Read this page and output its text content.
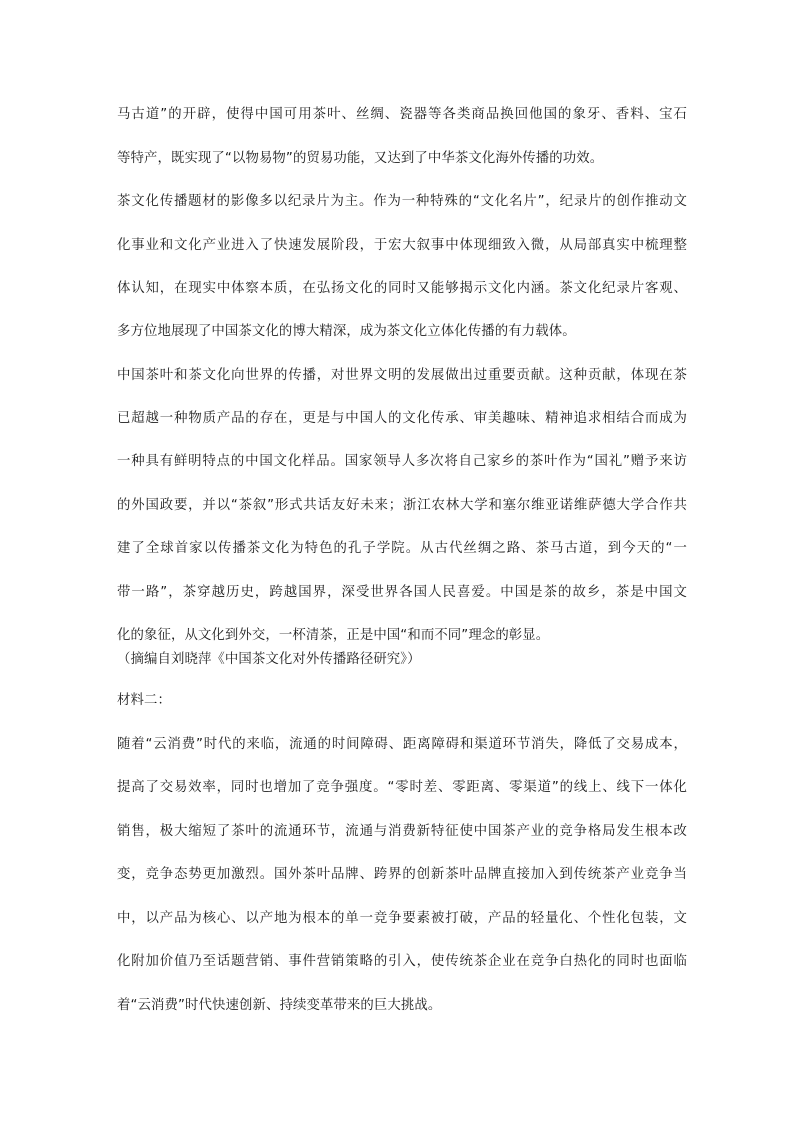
马古道”的开辟，使得中国可用茶叶、丝绸、瓷器等各类商品换回他国的象牙、香料、宝石
等特产，既实现了“以物易物”的贸易功能，又达到了中华茶文化海外传播的功效。
茶文化传播题材的影像多以纪录片为主。作为一种特殊的“文化名片”，纪录片的创作推动文
化事业和文化产业进入了快速发展阶段，于宏大叙事中体现细致入微，从局部真实中梳理整
体认知，在现实中体察本质，在弘扬文化的同时又能够揭示文化内涵。茶文化纪录片客观、
多方位地展现了中国茶文化的博大精深，成为茶文化立体化传播的有力载体。
中国茶叶和茶文化向世界的传播，对世界文明的发展做出过重要贡献。这种贡献，体现在茶
已超越一种物质产品的存在，更是与中国人的文化传承、审美趣味、精神追求相结合而成为
一种具有鲜明特点的中国文化样品。国家领导人多次将自己家乡的茶叶作为“国礼”赠予来访
的外国政要，并以“茶叙”形式共话友好未来；浙江农林大学和塞尔维亚诺维萨德大学合作共
建了全球首家以传播茶文化为特色的孔子学院。从古代丝绸之路、茶马古道，到今天的“一
带一路”，茶穿越历史，跨越国界，深受世界各国人民喜爱。中国是茶的故乡，茶是中国文
化的象征，从文化到外交，一杯清茶，正是中国“和而不同”理念的彰显。
（摘编自刘晓萍《中国茶文化对外传播路径研究》）
材料二：
随着“云消费”时代的来临，流通的时间障碍、距离障碍和渠道环节消失，降低了交易成本，
提高了交易效率，同时也增加了竞争强度。“零时差、零距离、零渠道”的线上、线下一体化
销售，极大缩短了茶叶的流通环节，流通与消费新特征使中国茶产业的竞争格局发生根本改
变，竞争态势更加激烈。国外茶叶品牌、跨界的创新茶叶品牌直接加入到传统茶产业竞争当
中，以产品为核心、以产地为根本的单一竞争要素被打破，产品的轻量化、个性化包装，文
化附加价值乃至话题营销、事件营销策略的引入，使传统茶企业在竞争白热化的同时也面临
着“云消费”时代快速创新、持续变革带来的巨大挑战。
